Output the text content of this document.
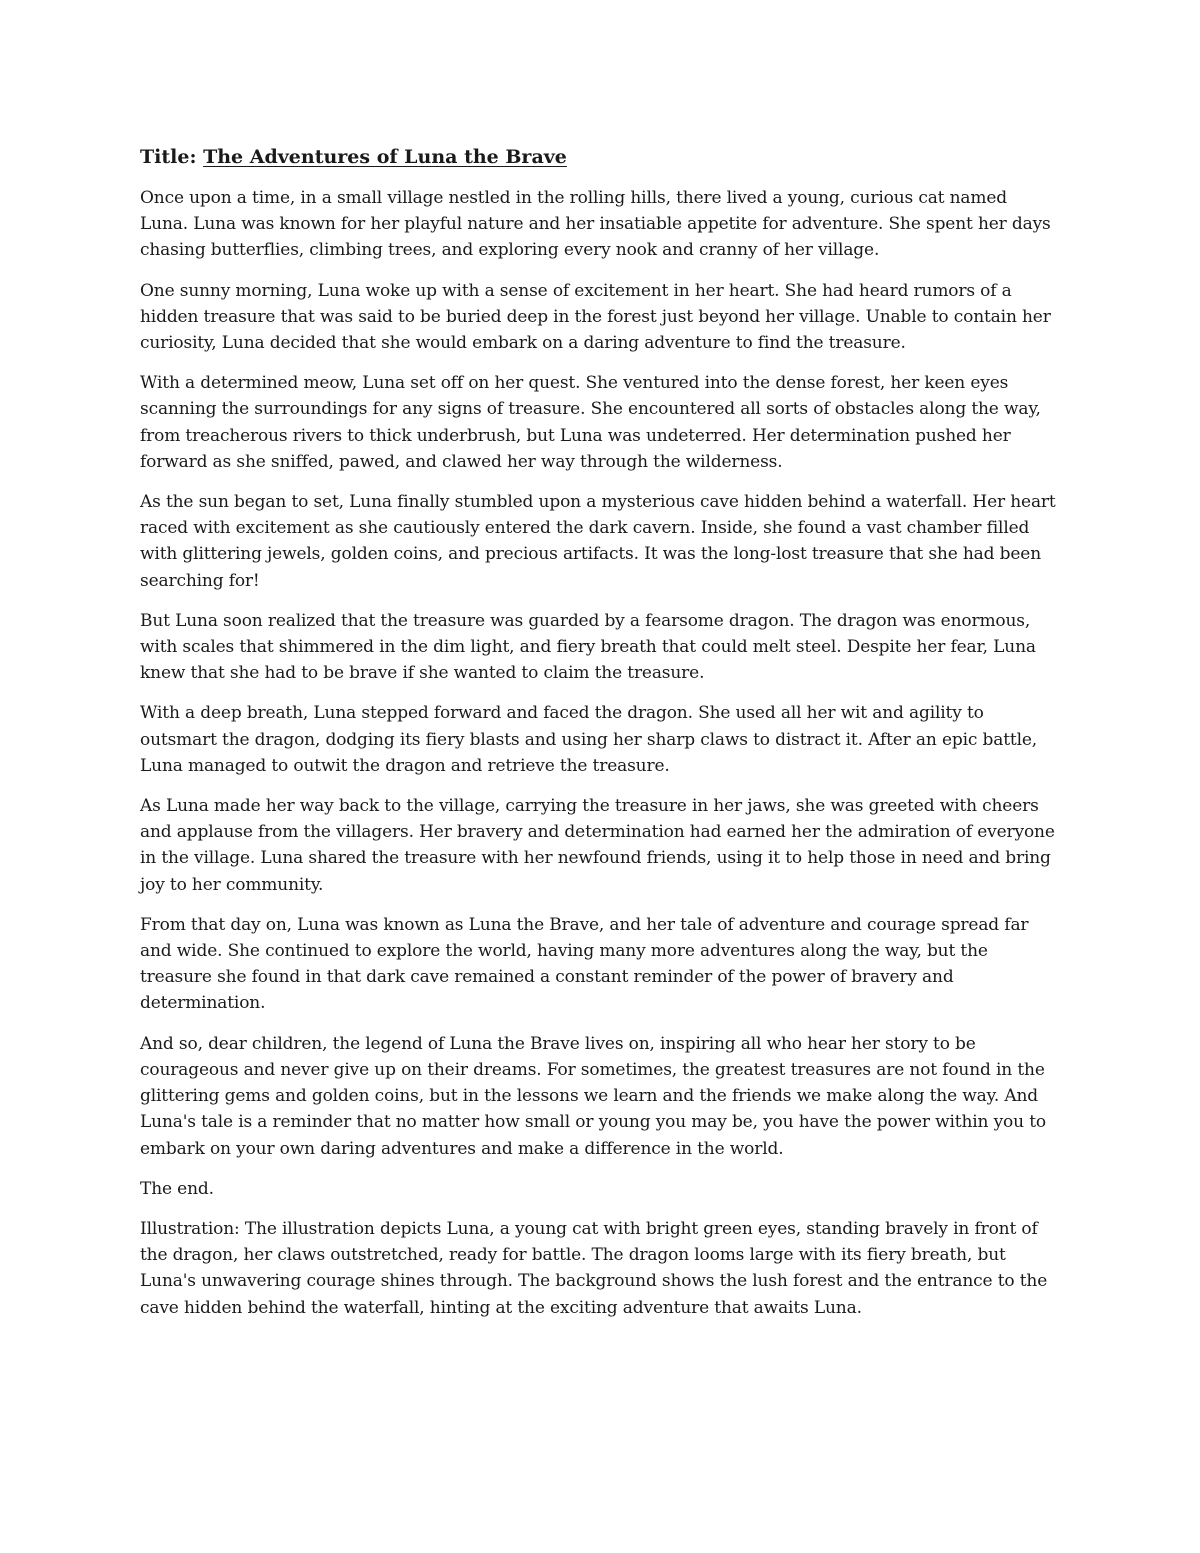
Title: The Adventures of Luna the Brave

Once upon a time, in a small village nestled in the rolling hills, there lived a young, curious cat named Luna. Luna was known for her playful nature and her insatiable appetite for adventure. She spent her days chasing butterflies, climbing trees, and exploring every nook and cranny of her village.

One sunny morning, Luna woke up with a sense of excitement in her heart. She had heard rumors of a hidden treasure that was said to be buried deep in the forest just beyond her village. Unable to contain her curiosity, Luna decided that she would embark on a daring adventure to find the treasure.

With a determined meow, Luna set off on her quest. She ventured into the dense forest, her keen eyes scanning the surroundings for any signs of treasure. She encountered all sorts of obstacles along the way, from treacherous rivers to thick underbrush, but Luna was undeterred. Her determination pushed her forward as she sniffed, pawed, and clawed her way through the wilderness.

As the sun began to set, Luna finally stumbled upon a mysterious cave hidden behind a waterfall. Her heart raced with excitement as she cautiously entered the dark cavern. Inside, she found a vast chamber filled with glittering jewels, golden coins, and precious artifacts. It was the long-lost treasure that she had been searching for!

But Luna soon realized that the treasure was guarded by a fearsome dragon. The dragon was enormous, with scales that shimmered in the dim light, and fiery breath that could melt steel. Despite her fear, Luna knew that she had to be brave if she wanted to claim the treasure.

With a deep breath, Luna stepped forward and faced the dragon. She used all her wit and agility to outsmart the dragon, dodging its fiery blasts and using her sharp claws to distract it. After an epic battle, Luna managed to outwit the dragon and retrieve the treasure.

As Luna made her way back to the village, carrying the treasure in her jaws, she was greeted with cheers and applause from the villagers. Her bravery and determination had earned her the admiration of everyone in the village. Luna shared the treasure with her newfound friends, using it to help those in need and bring joy to her community.

From that day on, Luna was known as Luna the Brave, and her tale of adventure and courage spread far and wide. She continued to explore the world, having many more adventures along the way, but the treasure she found in that dark cave remained a constant reminder of the power of bravery and determination.

And so, dear children, the legend of Luna the Brave lives on, inspiring all who hear her story to be courageous and never give up on their dreams. For sometimes, the greatest treasures are not found in the glittering gems and golden coins, but in the lessons we learn and the friends we make along the way. And Luna's tale is a reminder that no matter how small or young you may be, you have the power within you to embark on your own daring adventures and make a difference in the world.

The end.

Illustration: The illustration depicts Luna, a young cat with bright green eyes, standing bravely in front of the dragon, her claws outstretched, ready for battle. The dragon looms large with its fiery breath, but Luna's unwavering courage shines through. The background shows the lush forest and the entrance to the cave hidden behind the waterfall, hinting at the exciting adventure that awaits Luna.
